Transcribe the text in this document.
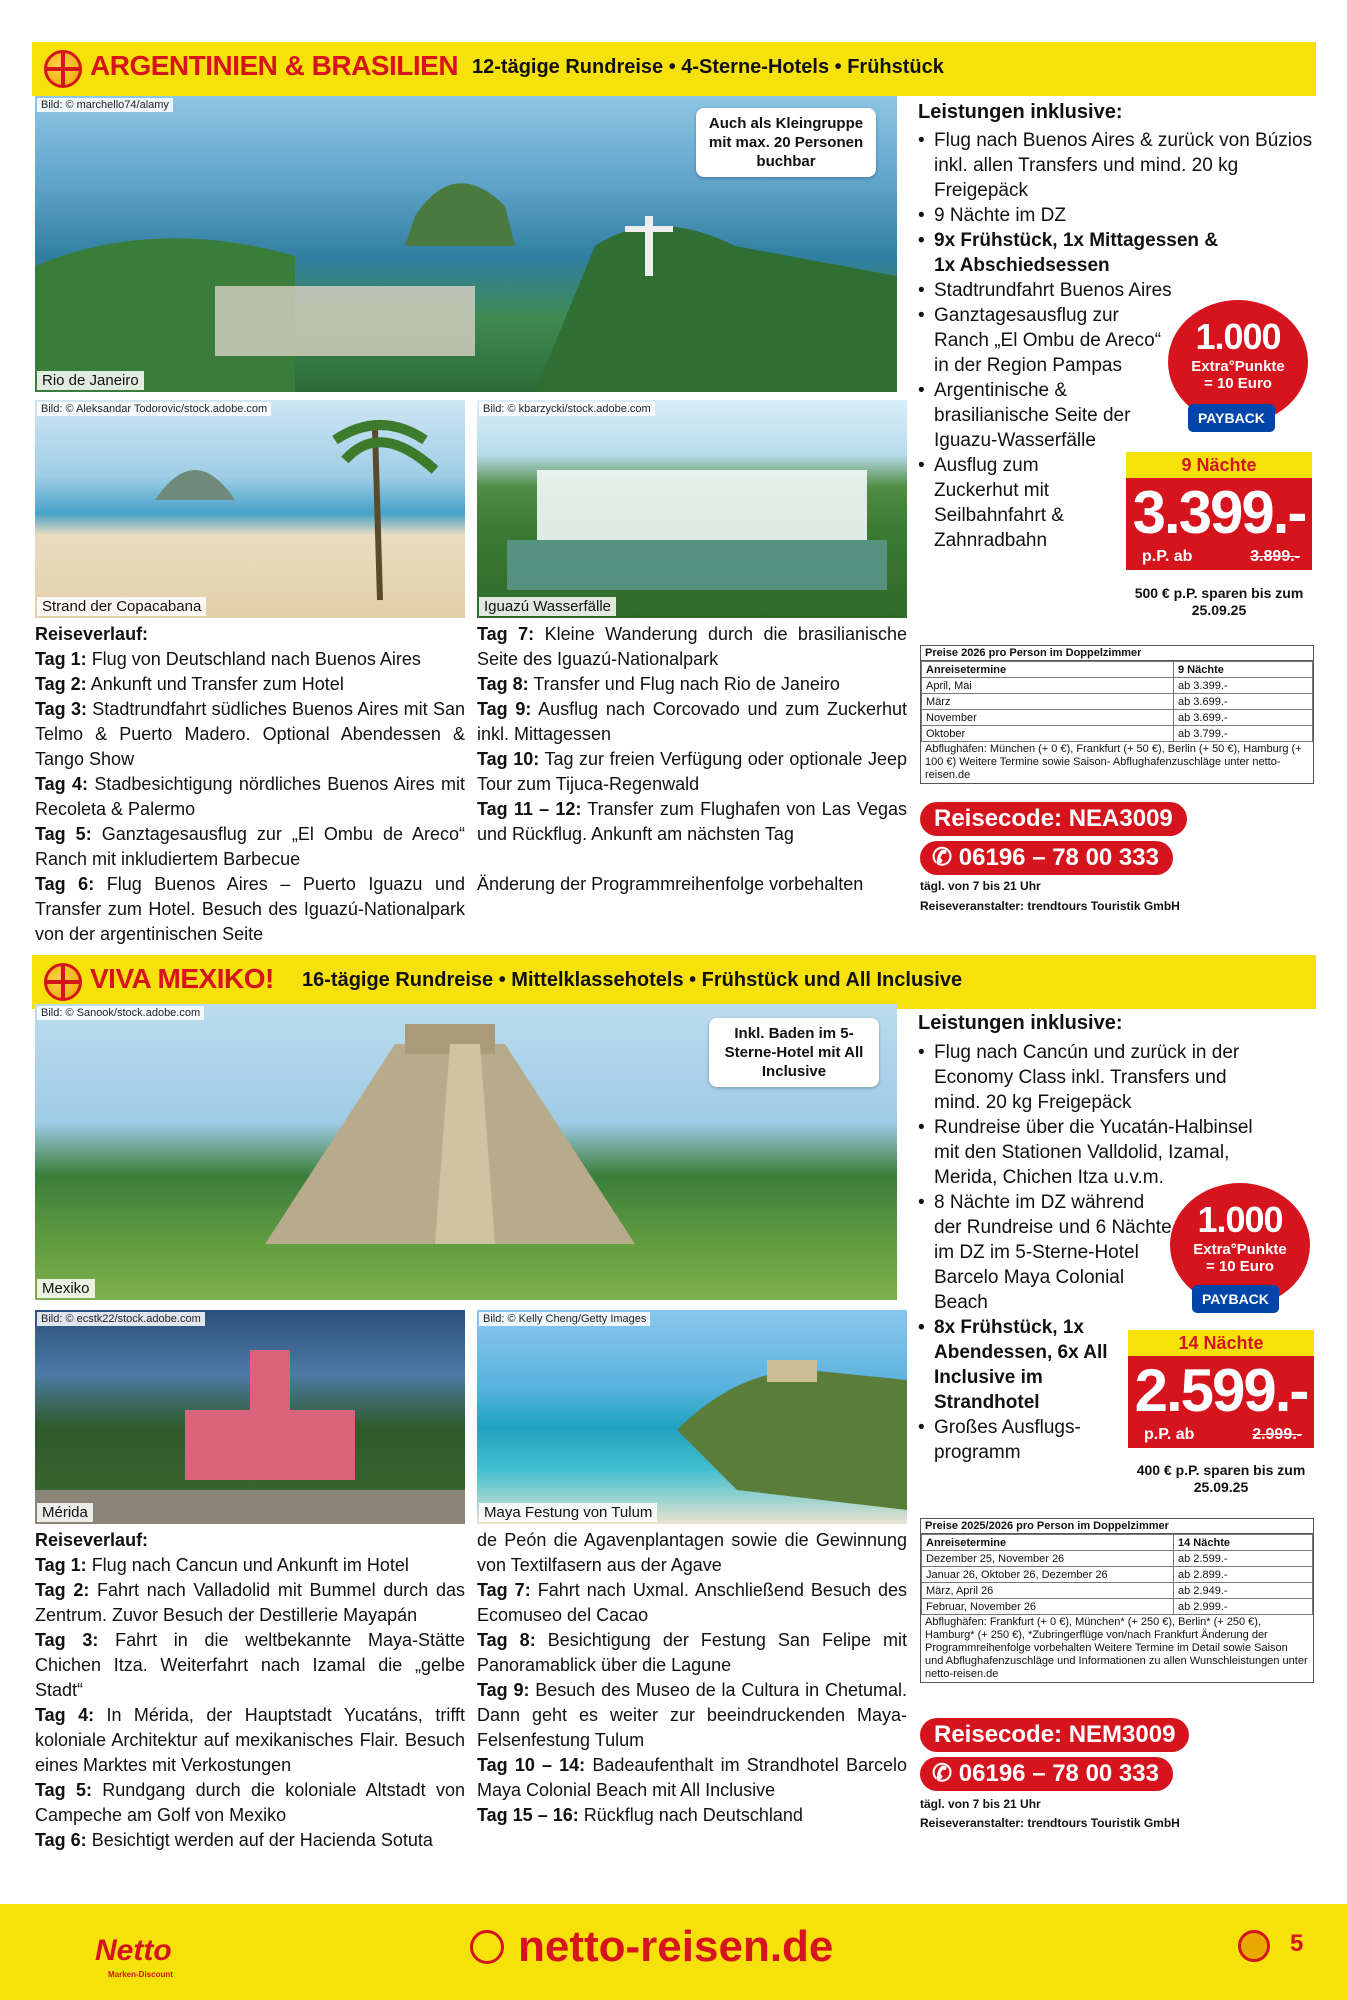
ARGENTINIEN & BRASILIEN 12-tägige Rundreise • 4-Sterne-Hotels • Frühstück
Bild: © marchello74/alamy
Rio de Janeiro
Auch als Kleingruppe mit max. 20 Personen buchbar
Bild: © Aleksandar Todorovic/stock.adobe.com
Strand der Copacabana
Bild: © kbarzycki/stock.adobe.com
Iguazú Wasserfälle
Leistungen inklusive:
• Flug nach Buenos Aires & zurück von Búzios inkl. allen Transfers und mind. 20 kg Freigepäck
• 9 Nächte im DZ
• 9x Frühstück, 1x Mittagessen & 1x Abschiedsessen
• Stadtrundfahrt Buenos Aires
• Ganztagesausflug zur Ranch „El Ombu de Areco“ in der Region Pampas
• Argentinische & brasilianische Seite der Iguazu-Wasserfälle
• Ausflug zum Zuckerhut mit Seilbahnfahrt & Zahnradbahn
1.000
Extra°Punkte
= 10 Euro
PAYBACK
9 Nächte
3.399.-
p.P. ab	3.899.-
500 € p.P. sparen bis zum 25.09.25

Reiseverlauf:

Tag 1: Flug von Deutschland nach Buenos Aires

Tag 2: Ankunft und Transfer zum Hotel

Tag 3: Stadtrundfahrt südliches Buenos Aires mit San Telmo & Puerto Madero. Optional Abendessen & Tango Show

Tag 4: Stadbesichtigung nördliches Buenos Aires mit Recoleta & Palermo

Tag 5: Ganztagesausflug zur „El Ombu de Areco“ Ranch mit inkludiertem Barbecue

Tag 6: Flug Buenos Aires – Puerto Iguazu und Transfer zum Hotel. Besuch des Iguazú-Nationalpark von der argentinischen Seite

Tag 7: Kleine Wanderung durch die brasilianische Seite des Iguazú-Nationalpark

Tag 8: Transfer und Flug nach Rio de Janeiro

Tag 9: Ausflug nach Corcovado und zum Zuckerhut inkl. Mittagessen

Tag 10: Tag zur freien Verfügung oder optionale Jeep Tour zum Tijuca-Regenwald

Tag 11 – 12: Transfer zum Flughafen von Las Vegas und Rückflug. Ankunft am nächsten Tag

Änderung der Programmreihenfolge vorbehalten

Preise 2026 pro Person im Doppelzimmer
Anreisetermine	9 Nächte
April, Mai	ab 3.399.-
März	ab 3.699.-
November	ab 3.699.-
Oktober	ab 3.799.-
Abflughäfen: München (+ 0 €), Frankfurt (+ 50 €), Berlin (+ 50 €), Hamburg (+ 100 €) Weitere Termine sowie Saison- Abflughafenzuschläge unter netto-reisen.de
Reisecode: NEA3009
✆ 06196 – 78 00 333
tägl. von 7 bis 21 Uhr
Reiseveranstalter: trendtours Touristik GmbH
VIVA MEXIKO! 16-tägige Rundreise • Mittelklassehotels • Frühstück und All Inclusive
Bild: © Sanook/stock.adobe.com
Mexiko
Inkl. Baden im 5-Sterne-Hotel mit All Inclusive
Bild: © ecstk22/stock.adobe.com
Mérida
Bild: © Kelly Cheng/Getty Images
Maya Festung von Tulum
Leistungen inklusive:
• Flug nach Cancún und zurück in der Economy Class inkl. Transfers und mind. 20 kg Freigepäck
• Rundreise über die Yucatán-Halbinsel mit den Stationen Valldolid, Izamal, Merida, Chichen Itza u.v.m.
• 8 Nächte im DZ während der Rundreise und 6 Nächte im DZ im 5-Sterne-Hotel Barcelo Maya Colonial Beach
• 8x Frühstück, 1x Abendessen, 6x All Inclusive im Strandhotel
• Großes Ausflugs-programm
1.000
Extra°Punkte
= 10 Euro
PAYBACK
14 Nächte
2.599.-
p.P. ab	2.999.-
400 € p.P. sparen bis zum 25.09.25

Reiseverlauf:

Tag 1: Flug nach Cancun und Ankunft im Hotel

Tag 2: Fahrt nach Valladolid mit Bummel durch das Zentrum. Zuvor Besuch der Destillerie Mayapán

Tag 3: Fahrt in die weltbekannte Maya-Stätte Chichen Itza. Weiterfahrt nach Izamal die „gelbe Stadt“

Tag 4: In Mérida, der Hauptstadt Yucatáns, trifft koloniale Architektur auf mexikanisches Flair. Besuch eines Marktes mit Verkostungen

Tag 5: Rundgang durch die koloniale Altstadt von Campeche am Golf von Mexiko

Tag 6: Besichtigt werden auf der Hacienda Sotuta

de Peón die Agavenplantagen sowie die Gewinnung von Textilfasern aus der Agave

Tag 7: Fahrt nach Uxmal. Anschließend Besuch des Ecomuseo del Cacao

Tag 8: Besichtigung der Festung San Felipe mit Panoramablick über die Lagune

Tag 9: Besuch des Museo de la Cultura in Chetumal. Dann geht es weiter zur beeindruckenden Maya-Felsenfestung Tulum

Tag 10 – 14: Badeaufenthalt im Strandhotel Barcelo Maya Colonial Beach mit All Inclusive

Tag 15 – 16: Rückflug nach Deutschland

Preise 2025/2026 pro Person im Doppelzimmer
Anreisetermine	14 Nächte
Dezember 25, November 26	ab 2.599.-
Januar 26, Oktober 26, Dezember 26	ab 2.899.-
März, April 26	ab 2.949.-
Februar, November 26	ab 2.999.-
Abflughäfen: Frankfurt (+ 0 €), München* (+ 250 €), Berlin* (+ 250 €), Hamburg* (+ 250 €), *Zubringerflüge von/nach Frankfurt Änderung der Programmreihenfolge vorbehalten Weitere Termine im Detail sowie Saison und Abflughafenzuschläge und Informationen zu allen Wunschleistungen unter netto-reisen.de
Reisecode: NEM3009
✆ 06196 – 78 00 333
tägl. von 7 bis 21 Uhr
Reiseveranstalter: trendtours Touristik GmbH
Netto
Marken-Discount
netto-reisen.de	5
